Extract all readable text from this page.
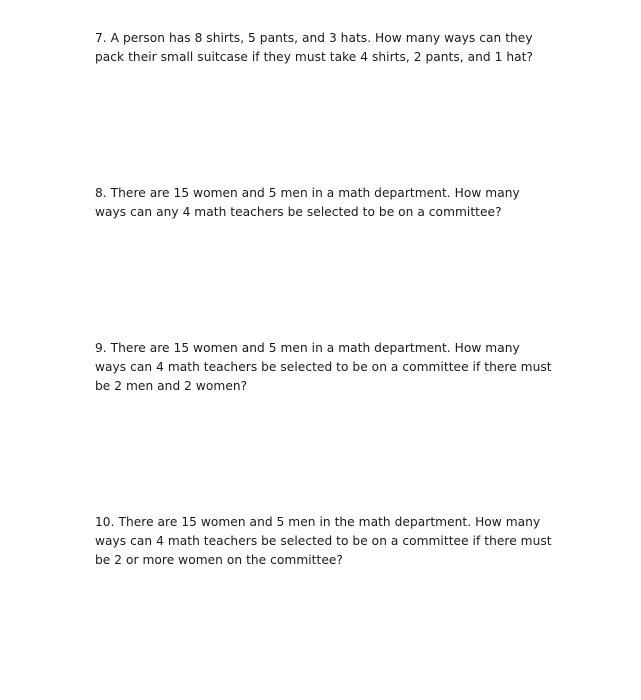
7. A person has 8 shirts, 5 pants, and 3 hats. How many ways can they
pack their small suitcase if they must take 4 shirts, 2 pants, and 1 hat?

8. There are 15 women and 5 men in a math department. How many
ways can any 4 math teachers be selected to be on a committee?

9. There are 15 women and 5 men in a math department. How many
ways can 4 math teachers be selected to be on a committee if there must
be 2 men and 2 women?

10. There are 15 women and 5 men in the math department. How many
ways can 4 math teachers be selected to be on a committee if there must
be 2 or more women on the committee?
